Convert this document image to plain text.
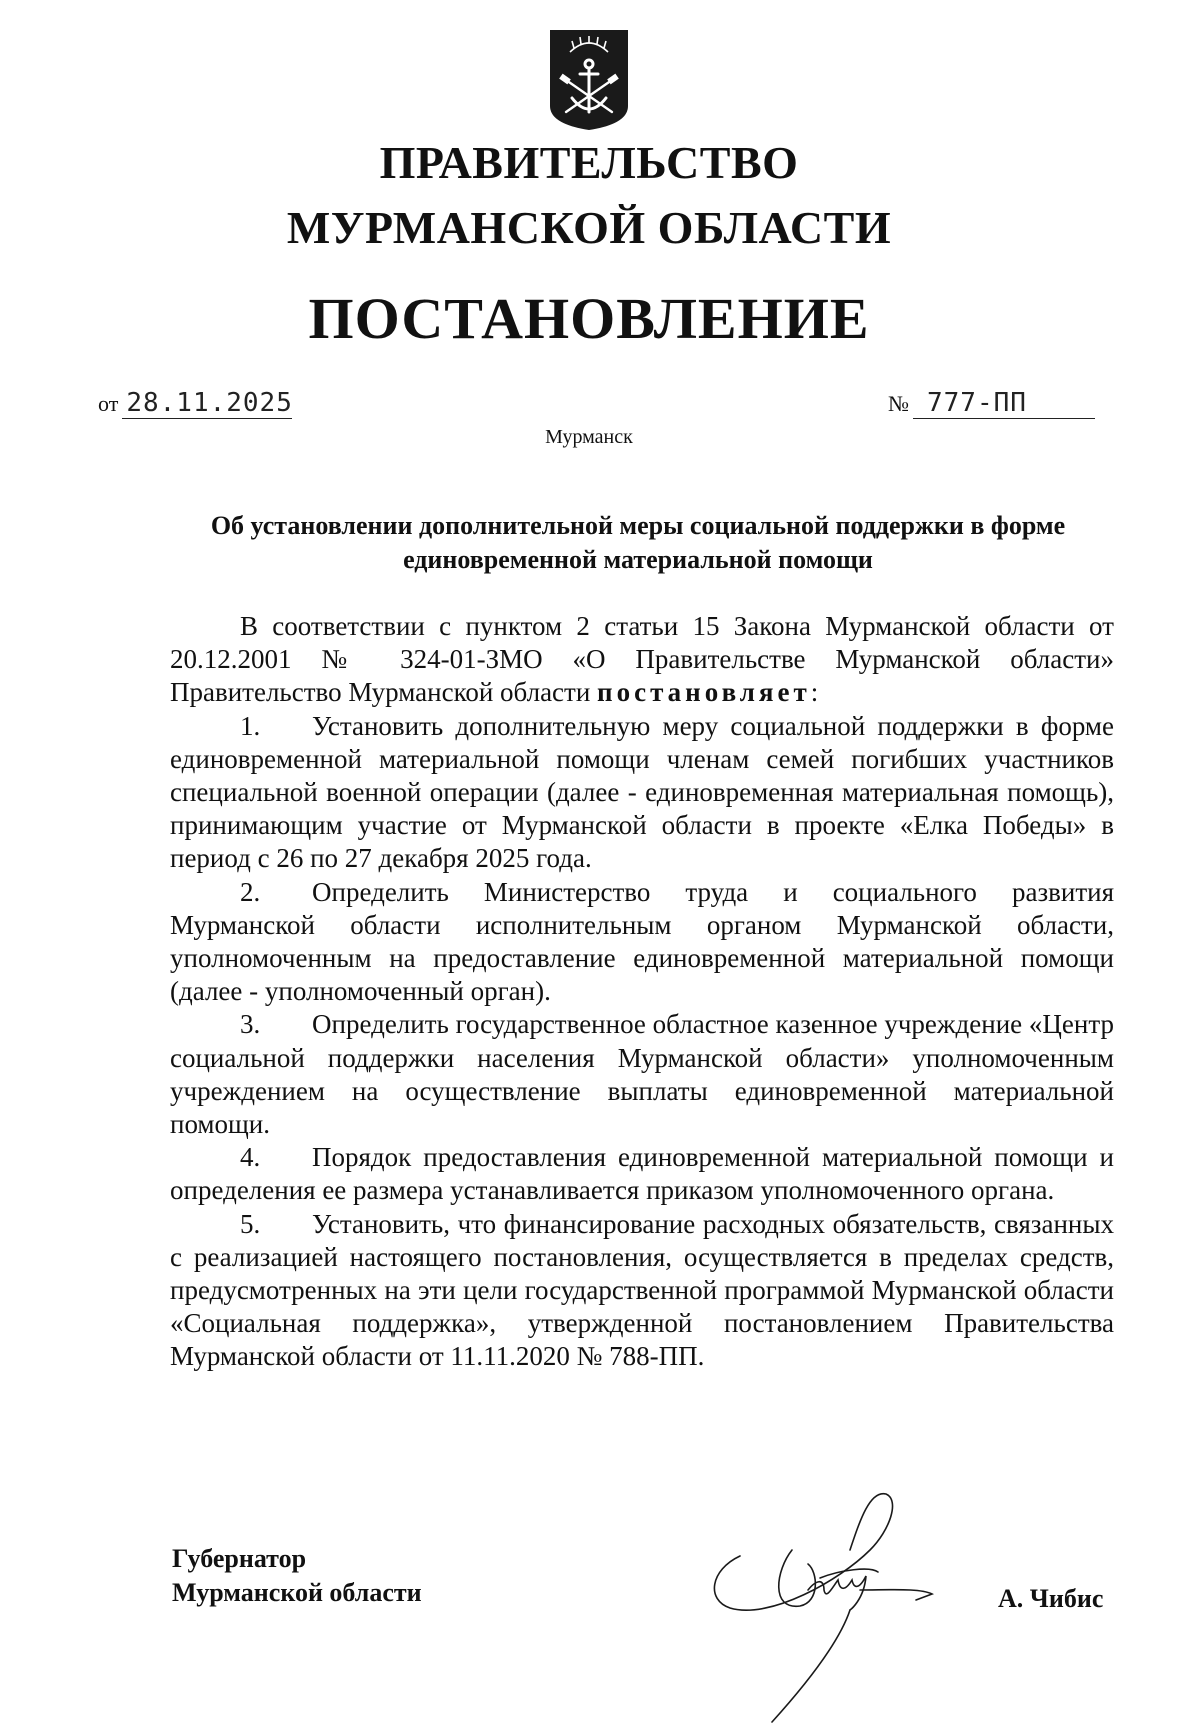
ПРАВИТЕЛЬСТВО
МУРМАНСКОЙ ОБЛАСТИ
ПОСТАНОВЛЕНИЕ
от 28.11.2025	№ 777-ПП
Мурманск
Об установлении дополнительной меры социальной поддержки в форме
единовременной материальной помощи

В соответствии с пунктом 2 статьи 15 Закона Мурманской области от 20.12.2001 № 324-01-ЗМО «О Правительстве Мурманской области» Правительство Мурманской области постановляет:

1. Установить дополнительную меру социальной поддержки в форме единовременной материальной помощи членам семей погибших участников специальной военной операции (далее - единовременная материальная помощь), принимающим участие от Мурманской области в проекте «Елка Победы» в период с 26 по 27 декабря 2025 года.

2. Определить Министерство труда и социального развития Мурманской области исполнительным органом Мурманской области, уполномоченным на предоставление единовременной материальной помощи (далее - уполномоченный орган).

3. Определить государственное областное казенное учреждение «Центр социальной поддержки населения Мурманской области» уполномоченным учреждением на осуществление выплаты единовременной материальной помощи.

4. Порядок предоставления единовременной материальной помощи и определения ее размера устанавливается приказом уполномоченного органа.

5. Установить, что финансирование расходных обязательств, связанных с реализацией настоящего постановления, осуществляется в пределах средств, предусмотренных на эти цели государственной программой Мурманской области «Социальная поддержка», утвержденной постановлением Правительства Мурманской области от 11.11.2020 № 788-ПП.

Губернатор
Мурманской области	А. Чибис
